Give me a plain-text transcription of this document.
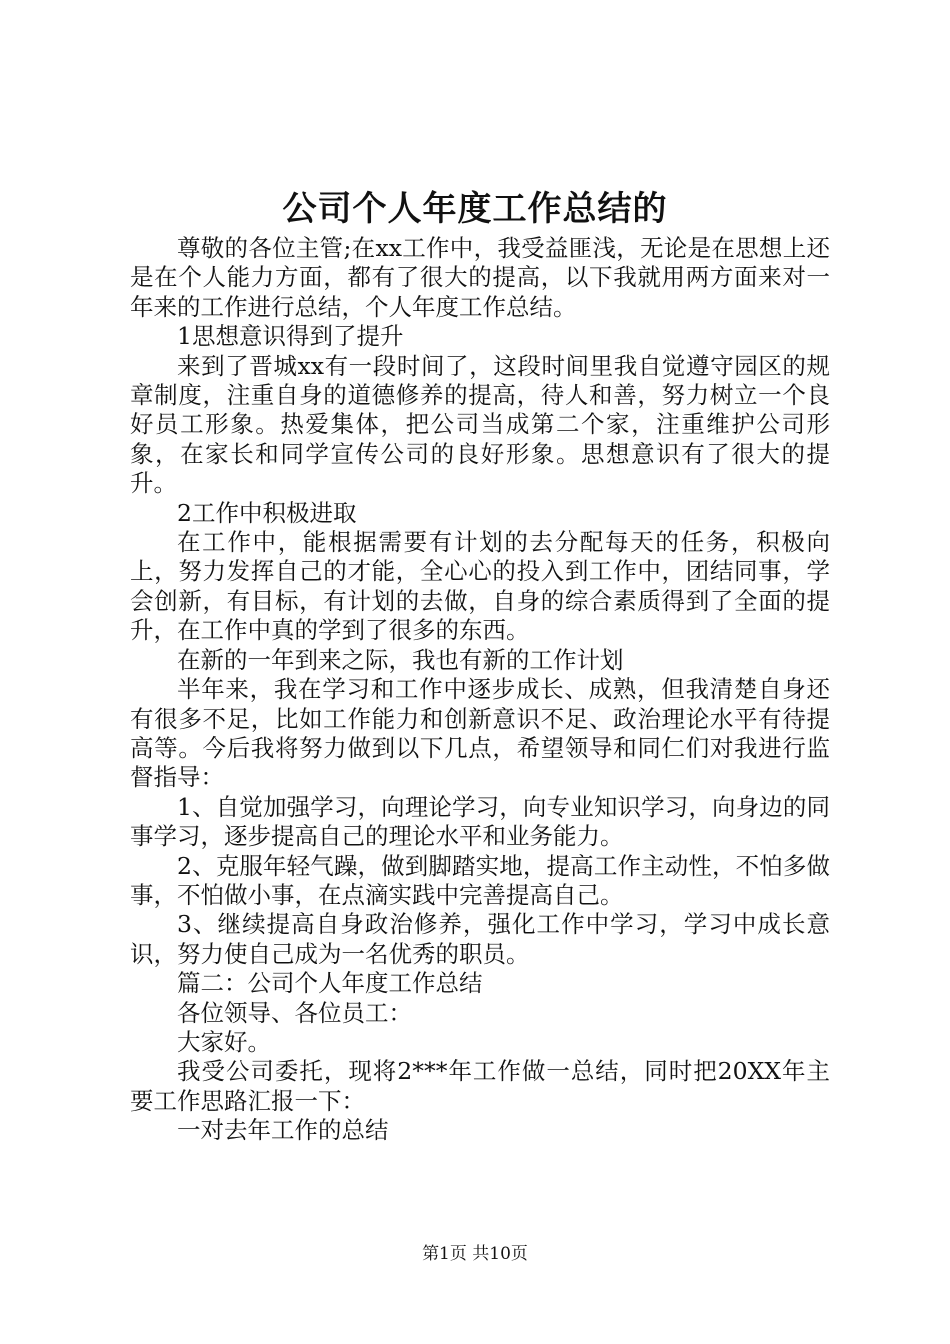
公司个人年度工作总结的

尊敬的各位主管;在xx工作中，我受益匪浅，无论是在思想上还是在个人能力方面，都有了很大的提高，以下我就用两方面来对一年来的工作进行总结，个人年度工作总结。

1思想意识得到了提升

来到了晋城xx有一段时间了，这段时间里我自觉遵守园区的规章制度，注重自身的道德修养的提高，待人和善，努力树立一个良好员工形象。热爱集体，把公司当成第二个家，注重维护公司形象，在家长和同学宣传公司的良好形象。思想意识有了很大的提升。

2工作中积极进取

在工作中，能根据需要有计划的去分配每天的任务，积极向上，努力发挥自己的才能，全心心的投入到工作中，团结同事，学会创新，有目标，有计划的去做，自身的综合素质得到了全面的提升，在工作中真的学到了很多的东西。

在新的一年到来之际，我也有新的工作计划

半年来，我在学习和工作中逐步成长、成熟，但我清楚自身还有很多不足，比如工作能力和创新意识不足、政治理论水平有待提高等。今后我将努力做到以下几点，希望领导和同仁们对我进行监督指导：

1、自觉加强学习，向理论学习，向专业知识学习，向身边的同事学习，逐步提高自己的理论水平和业务能力。

2、克服年轻气躁，做到脚踏实地，提高工作主动性，不怕多做事，不怕做小事，在点滴实践中完善提高自己。

3、继续提高自身政治修养，强化工作中学习，学习中成长意识，努力使自己成为一名优秀的职员。

篇二：公司个人年度工作总结

各位领导、各位员工：

大家好。

我受公司委托，现将2***年工作做一总结，同时把20XX年主要工作思路汇报一下：

一对去年工作的总结

第1页 共10页
